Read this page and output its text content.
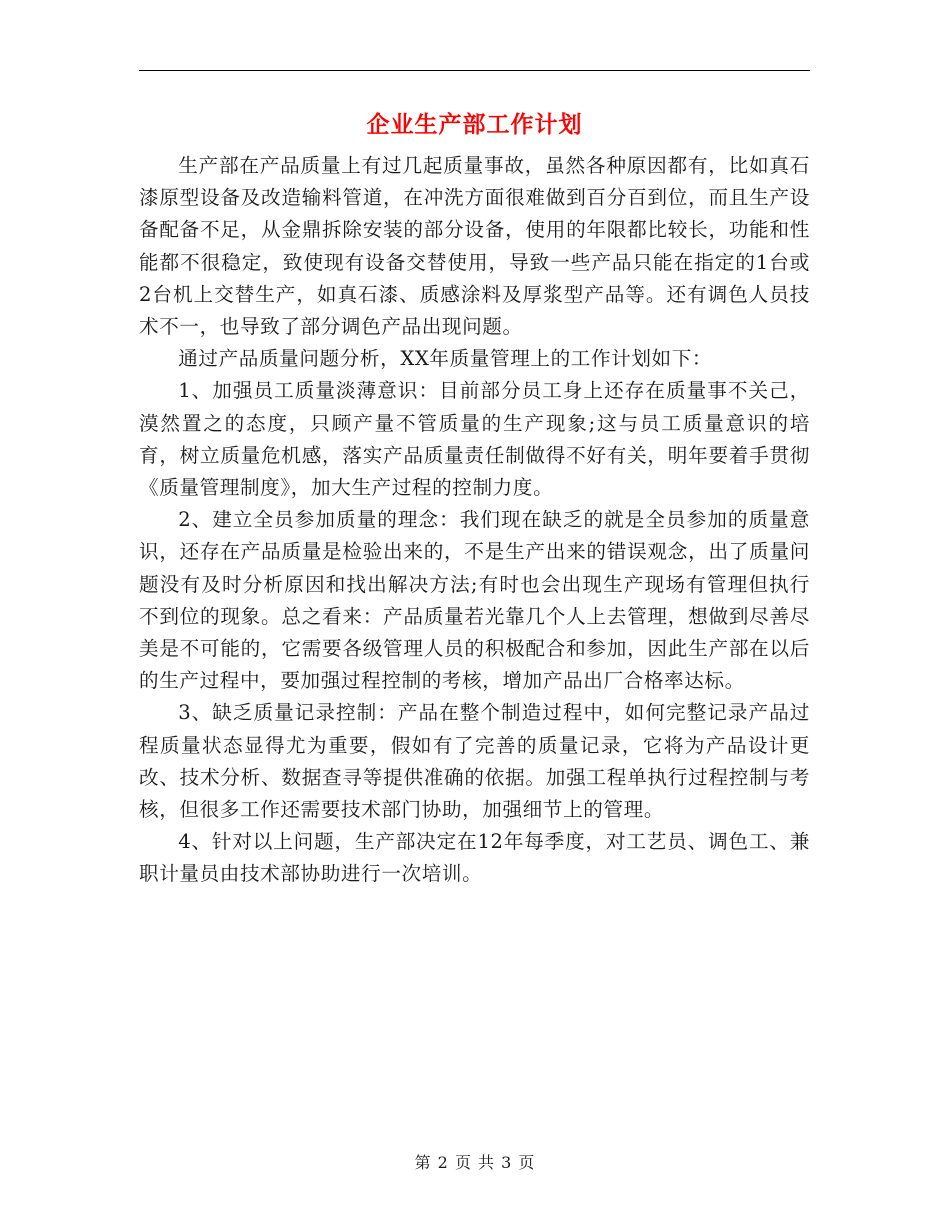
企业生产部工作计划

生产部在产品质量上有过几起质量事故，虽然各种原因都有，比如真石漆原型设备及改造输料管道，在冲洗方面很难做到百分百到位，而且生产设备配备不足，从金鼎拆除安装的部分设备，使用的年限都比较长，功能和性能都不很稳定，致使现有设备交替使用，导致一些产品只能在指定的1台或2台机上交替生产，如真石漆、质感涂料及厚浆型产品等。还有调色人员技术不一，也导致了部分调色产品出现问题。

通过产品质量问题分析，XX年质量管理上的工作计划如下：

1、加强员工质量淡薄意识：目前部分员工身上还存在质量事不关己，漠然置之的态度，只顾产量不管质量的生产现象;这与员工质量意识的培育，树立质量危机感，落实产品质量责任制做得不好有关，明年要着手贯彻《质量管理制度》，加大生产过程的控制力度。

2、建立全员参加质量的理念：我们现在缺乏的就是全员参加的质量意识，还存在产品质量是检验出来的，不是生产出来的错误观念，出了质量问题没有及时分析原因和找出解决方法;有时也会出现生产现场有管理但执行不到位的现象。总之看来：产品质量若光靠几个人上去管理，想做到尽善尽美是不可能的，它需要各级管理人员的积极配合和参加，因此生产部在以后的生产过程中，要加强过程控制的考核，增加产品出厂合格率达标。

3、缺乏质量记录控制：产品在整个制造过程中，如何完整记录产品过程质量状态显得尤为重要，假如有了完善的质量记录，它将为产品设计更改、技术分析、数据查寻等提供准确的依据。加强工程单执行过程控制与考核，但很多工作还需要技术部门协助，加强细节上的管理。

4、针对以上问题，生产部决定在12年每季度，对工艺员、调色工、兼职计量员由技术部协助进行一次培训。

第 2 页 共 3 页
